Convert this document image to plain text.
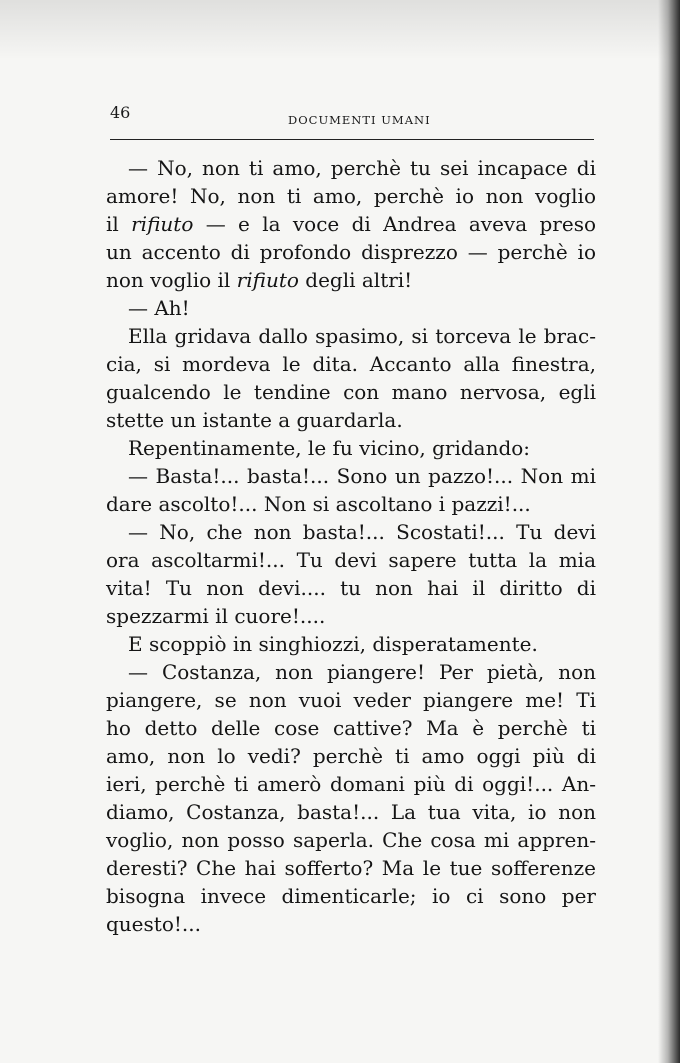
46	DOCUMENTI UMANI
— No, non ti amo, perchè tu sei incapace di
amore! No, non ti amo, perchè io non voglio
il rifiuto — e la voce di Andrea aveva preso
un accento di profondo disprezzo — perchè io
non voglio il rifiuto degli altri!
— Ah!
Ella gridava dallo spasimo, si torceva le brac-
cia, si mordeva le dita. Accanto alla finestra,
gualcendo le tendine con mano nervosa, egli
stette un istante a guardarla.
Repentinamente, le fu vicino, gridando:
— Basta!... basta!... Sono un pazzo!... Non mi
dare ascolto!... Non si ascoltano i pazzi!...
— No, che non basta!... Scostati!... Tu devi
ora ascoltarmi!... Tu devi sapere tutta la mia
vita! Tu non devi.... tu non hai il diritto di
spezzarmi il cuore!....
E scoppiò in singhiozzi, disperatamente.
— Costanza, non piangere! Per pietà, non
piangere, se non vuoi veder piangere me! Ti
ho detto delle cose cattive? Ma è perchè ti
amo, non lo vedi? perchè ti amo oggi più di
ieri, perchè ti amerò domani più di oggi!... An-
diamo, Costanza, basta!... La tua vita, io non
voglio, non posso saperla. Che cosa mi appren-
deresti? Che hai sofferto? Ma le tue sofferenze
bisogna invece dimenticarle; io ci sono per
questo!...
